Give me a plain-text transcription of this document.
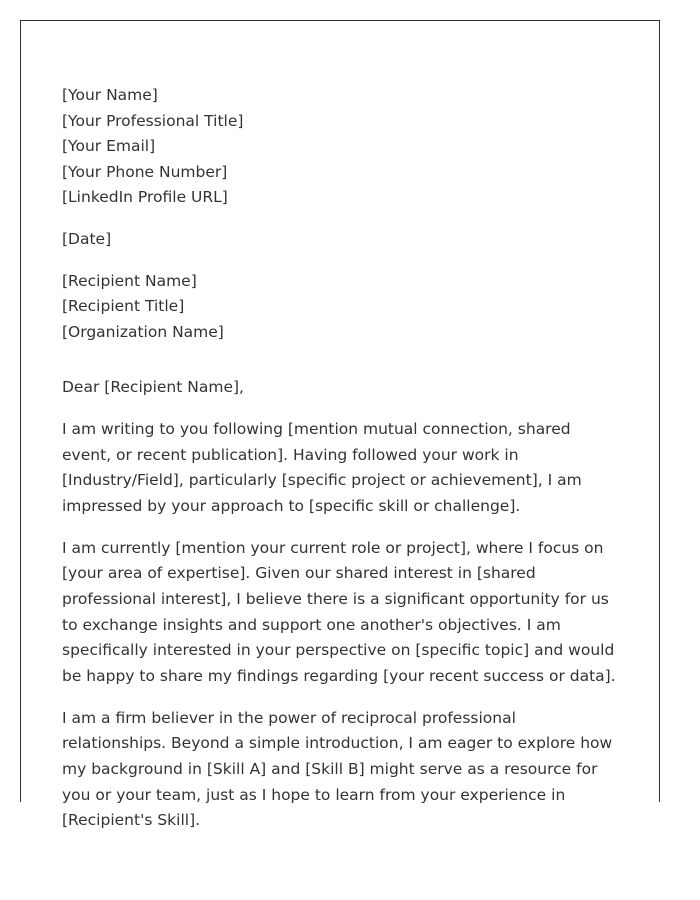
[Your Name]
[Your Professional Title]
[Your Email]
[Your Phone Number]
[LinkedIn Profile URL]
[Date]
[Recipient Name]
[Recipient Title]
[Organization Name]

Dear [Recipient Name],

I am writing to you following [mention mutual connection, shared event, or recent publication]. Having followed your work in [Industry/Field], particularly [specific project or achievement], I am impressed by your approach to [specific skill or challenge].

I am currently [mention your current role or project], where I focus on [your area of expertise]. Given our shared interest in [shared professional interest], I believe there is a significant opportunity for us to exchange insights and support one another's objectives. I am specifically interested in your perspective on [specific topic] and would be happy to share my findings regarding [your recent success or data].

I am a firm believer in the power of reciprocal professional relationships. Beyond a simple introduction, I am eager to explore how my background in [Skill A] and [Skill B] might serve as a resource for you or your team, just as I hope to learn from your experience in [Recipient's Skill].
